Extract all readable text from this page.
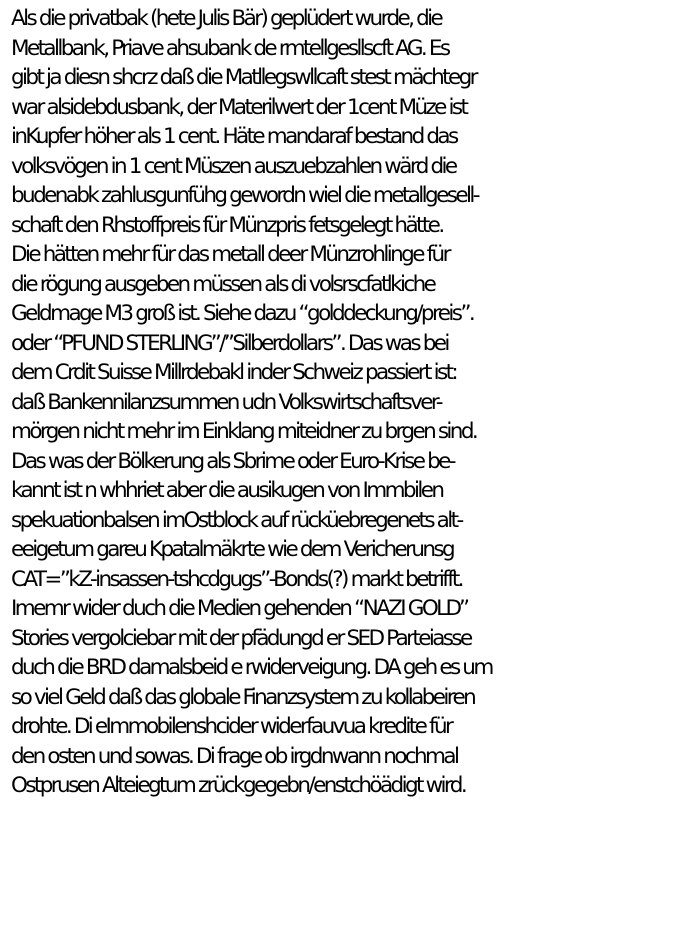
Als die privatbak (hete Julis Bär) geplüdert wurde, die
Metallbank, Priave ahsubank de rmtellgesllscft AG. Es
gibt ja diesn shcrz daß die Matllegswllcaft stest mächtegr
war alsidebdusbank, der Materilwert der 1cent Müze ist
inKupfer höher als 1 cent. Häte mandaraf bestand das
volksvögen in 1 cent Müszen auszuebzahlen wärd die
budenabk zahlusgunfühg gewordn wiel die metallgesell-
schaft den Rhstoffpreis für Münzpris fetsgelegt hätte.
Die hätten mehr für das metall deer Münzrohlinge für
die rögung ausgeben müssen als di volsrscfatlkiche
Geldmage M3 groß ist. Siehe dazu “golddeckung/preis”.
oder “PFUND STERLING”/”Silberdollars”. Das was bei
dem Crdit Suisse Millrdebakl inder Schweiz passiert ist:
daß Bankennilanzsummen udn Volkswirtschaftsver-
mörgen nicht mehr im Einklang miteidner zu brgen sind.
Das was der Bölkerung als Sbrime oder Euro-Krise be-
kannt ist n whhriet aber die ausikugen von Immbilen
spekuationbalsen imOstblock auf rücküebregenets alt-
eeigetum gareu Kpatalmäkrte wie dem Vericherunsg
CAT=”kZ-insassen-tshcdgugs”-Bonds(?) markt betrifft.
Imemr wider duch die Medien gehenden “NAZI GOLD”
Stories vergolciebar mit der pfädungd er SED Parteiasse
duch die BRD damalsbeid e rwiderveigung. DA geh es um
so viel Geld daß das globale Finanzsystem zu kollabeiren
drohte. Di eImmobilenshcider widerfauvua kredite für
den osten und sowas. Di frage ob irgdnwann nochmal
Ostprusen Alteiegtum zrückgegebn/enstchöädigt wird.
